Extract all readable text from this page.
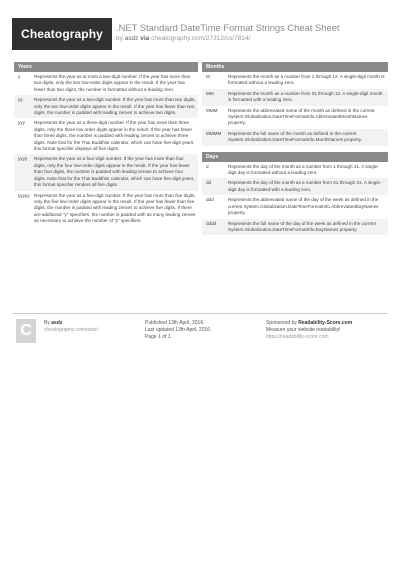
Cheatography	.NET Standard DateTime Format Strings Cheat Sheet
by asdz via cheatography.com/27312/cs/7814/
Years
y	Represents the year as at most a two-digit number. If the year has more than two digits, only the two low-order digits appear in the result. If the year has fewer than two digits, the number is formatted without a leading zero.
yy	Represents the year as a two-digit number. If the year has more than two digits, only the two low-order digits appear in the result. If the year has fewer than two digits, the number is padded with leading zeroes to achieve two digits.
yyy	Represents the year as a three-digit number. If the year has more than three digits, only the three low order digits appear in the result. If the year has fewer than three digits, the number is padded with leading zeroes to achieve three digits. Note that for the Thai Buddhist calendar, which can have five-digit years, this format specifier displays all five digits.
yyyy	Represents the year as a four-digit number. If the year has more than four digits, only the four low-order digits appear in the result. If the year has fewer than four digits, the number is padded with leading zeroes to achieve four digits. Note that for the Thai Buddhist calendar, which can have five-digit years, this format specifier renders all five digits.
yyyyy Represents the year as a five-digit number. If the year has more than five digits, only the five low-order digits appear in the result. If the year has fewer than five digits, the number is padded with leading zeroes to achieve five digits. If there are additional "y" specifiers, the number is padded with as many leading zeroes as necessary to achieve the number of "y" specifiers.
Months
M	Represents the month as a number from 1 through 12. A single-digit month is formatted without a leading zero.
MM	Represents the month as a number from 01 through 12. A single-digit month is formatted with a leading zero.
MMM	Represents the abbreviated name of the month as defined in the current System.Globalization.DateTimeFormatInfo.AbbreviatedMonthNames property.
MMMM	Represents the full name of the month as defined in the current System.Globalization.DateTimeFormatInfo.MonthNames property.
Days
d	Represents the day of the month as a number from 1 through 31. A single-digit day is formatted without a leading zero.
dd	Represents the day of the month as a number from 01 through 31. A single-digit day is formatted with a leading zero.
ddd	Represents the abbreviated name of the day of the week as defined in the current System.Globalization.DateTimeFormatInfo.AbbreviatedDayNames property.
dddd	Represents the full name of the day of the week as defined in the current System.Globalization.DateTimeFormatInfo.DayNames property.
C	By asdz
cheatography.com/asdz/
Published 13th April, 2016.
Last updated 13th April, 2016.
Page 1 of 1.
Sponsored by Readability-Score.com
Measure your website readability!
https://readability-score.com
